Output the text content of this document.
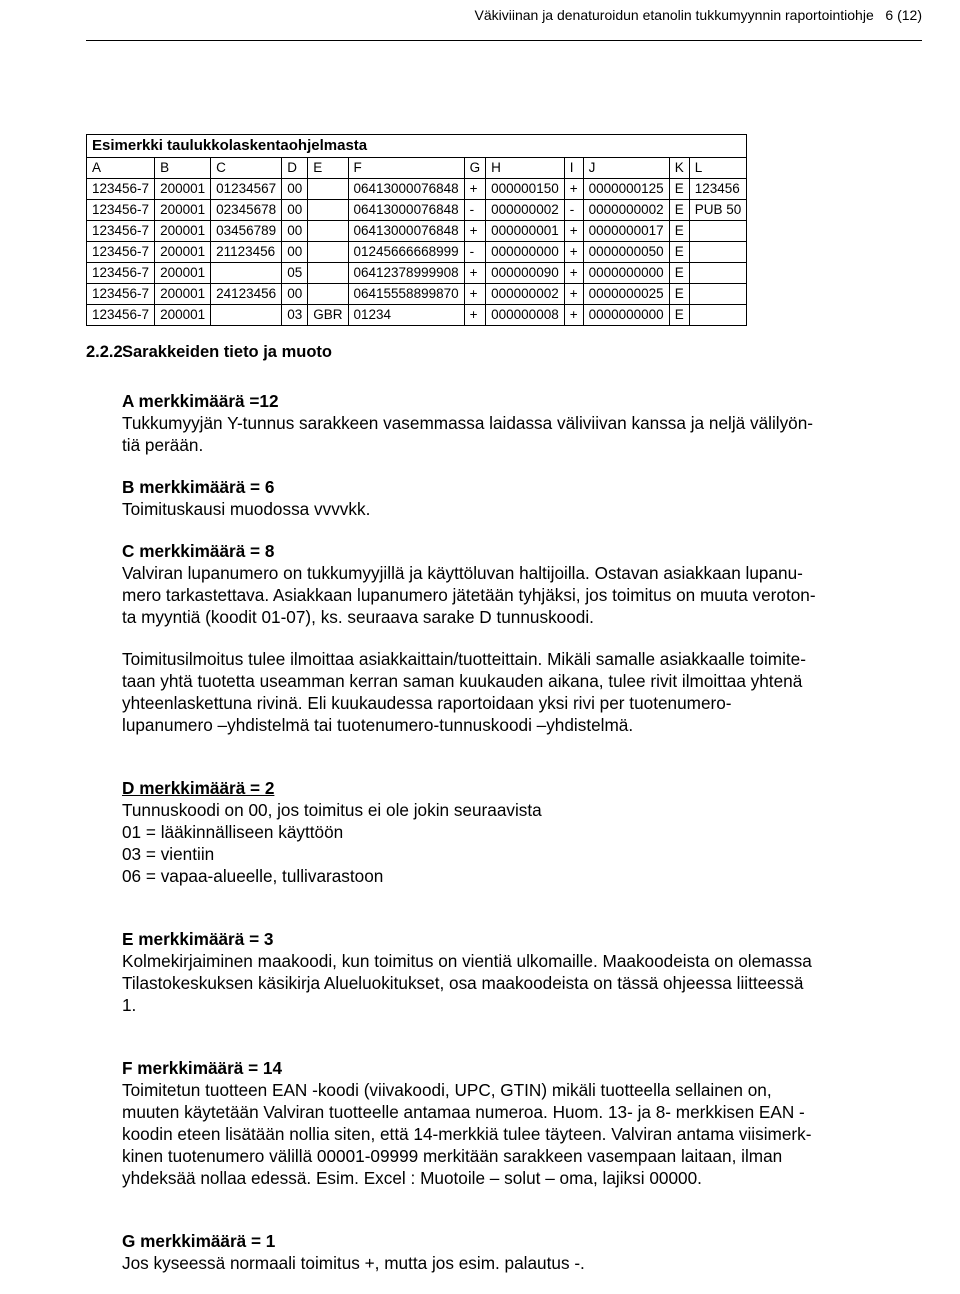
Väkiviinan ja denaturoidun etanolin tukkumyynnin raportointiohje 6 (12)
Esimerkki taulukkolaskentaohjelmasta											
A	B	C	D	E	F	G	H	I	J	K	L
123456-7	200001	01234567	00		06413000076848	+	000000150	+	0000000125	E	123456
123456-7	200001	02345678	00		06413000076848	-	000000002	-	0000000002	E	PUB 50
123456-7	200001	03456789	00		06413000076848	+	000000001	+	0000000017	E	
123456-7	200001	21123456	00		01245666668999	-	000000000	+	0000000050	E	
123456-7	200001		05		06412378999908	+	000000090	+	0000000000	E	
123456-7	200001	24123456	00		06415558899870	+	000000002	+	0000000025	E	
123456-7	200001		03	GBR	01234	+	000000008	+	0000000000	E	
2.2.2Sarakkeiden tieto ja muoto

A merkkimäärä =12

Tukkumyyjän Y-tunnus sarakkeen vasemmassa laidassa väliviivan kanssa ja neljä välilyön-

tiä perään.

B merkkimäärä = 6

Toimituskausi muodossa vvvvkk.

C merkkimäärä = 8

Valviran lupanumero on tukkumyyjillä ja käyttöluvan haltijoilla. Ostavan asiakkaan lupanu-

mero tarkastettava. Asiakkaan lupanumero jätetään tyhjäksi, jos toimitus on muuta veroton-

ta myyntiä (koodit 01-07), ks. seuraava sarake D tunnuskoodi.

Toimitusilmoitus tulee ilmoittaa asiakkaittain/tuotteittain. Mikäli samalle asiakkaalle toimite-

taan yhtä tuotetta useamman kerran saman kuukauden aikana, tulee rivit ilmoittaa yhtenä

yhteenlaskettuna rivinä. Eli kuukaudessa raportoidaan yksi rivi per tuotenumero-

lupanumero –yhdistelmä tai tuotenumero-tunnuskoodi –yhdistelmä.

D merkkimäärä = 2

Tunnuskoodi on 00, jos toimitus ei ole jokin seuraavista

01 = lääkinnälliseen käyttöön

03 = vientiin

06 = vapaa-alueelle, tullivarastoon

E merkkimäärä = 3

Kolmekirjaiminen maakoodi, kun toimitus on vientiä ulkomaille. Maakoodeista on olemassa

Tilastokeskuksen käsikirja Alueluokitukset, osa maakoodeista on tässä ohjeessa liitteessä

1.

F merkkimäärä = 14

Toimitetun tuotteen EAN -koodi (viivakoodi, UPC, GTIN) mikäli tuotteella sellainen on,

muuten käytetään Valviran tuotteelle antamaa numeroa. Huom. 13- ja 8- merkkisen EAN -

koodin eteen lisätään nollia siten, että 14-merkkiä tulee täyteen. Valviran antama viisimerk-

kinen tuotenumero välillä 00001-09999 merkitään sarakkeen vasempaan laitaan, ilman

yhdeksää nollaa edessä. Esim. Excel : Muotoile – solut – oma, lajiksi 00000.

G merkkimäärä = 1

Jos kyseessä normaali toimitus +, mutta jos esim. palautus -.
